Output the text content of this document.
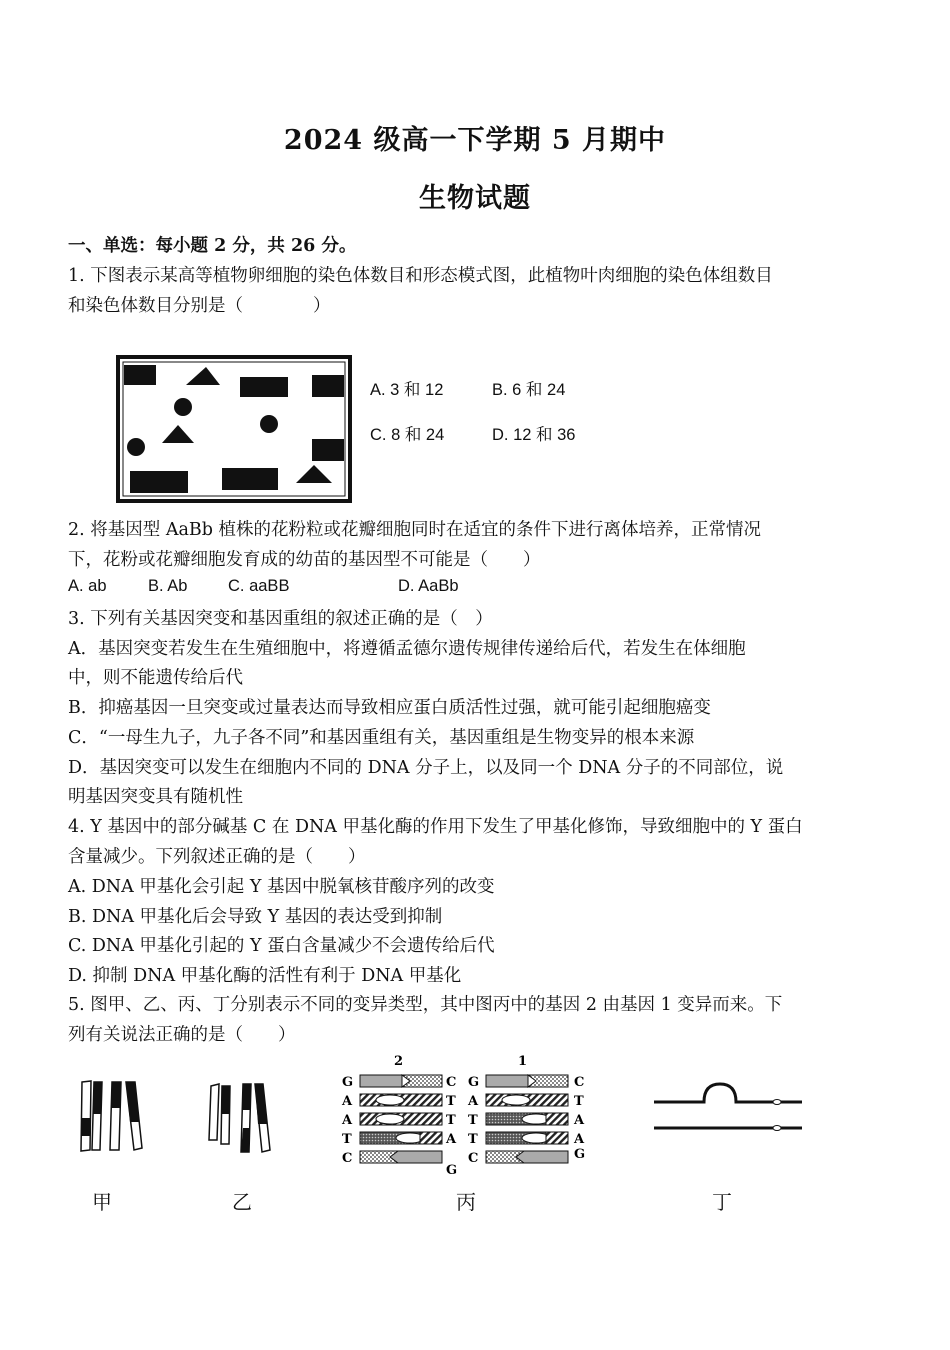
2024 级高一下学期 5 月期中
生物试题
一、单选：每小题 2 分，共 26 分。
1. 下图表示某高等植物卵细胞的染色体数目和形态模式图，此植物叶肉细胞的染色体组数目
和染色体数目分别是（　　　　）
A. 3 和 12	B. 6 和 24
C. 8 和 24	D. 12 和 36
2. 将基因型 AaBb 植株的花粉粒或花瓣细胞同时在适宜的条件下进行离体培养，正常情况
下，花粉或花瓣细胞发育成的幼苗的基因型不可能是（　　）
A. ab	B. Ab C. aaBB	D. AaBb
3. 下列有关基因突变和基因重组的叙述正确的是（　）
A．基因突变若发生在生殖细胞中，将遵循孟德尔遗传规律传递给后代，若发生在体细胞
中，则不能遗传给后代
B．抑癌基因一旦突变或过量表达而导致相应蛋白质活性过强，就可能引起细胞癌变
C．“一母生九子，九子各不同”和基因重组有关，基因重组是生物变异的根本来源
D．基因突变可以发生在细胞内不同的 DNA 分子上，以及同一个 DNA 分子的不同部位，说
明基因突变具有随机性
4. Y 基因中的部分碱基 C 在 DNA 甲基化酶的作用下发生了甲基化修饰，导致细胞中的 Y 蛋白
含量减少。下列叙述正确的是（　　）
A. DNA 甲基化会引起 Y 基因中脱氧核苷酸序列的改变
B. DNA 甲基化后会导致 Y 基因的表达受到抑制
C. DNA 甲基化引起的 Y 蛋白含量减少不会遗传给后代
D. 抑制 DNA 甲基化酶的活性有利于 DNA 甲基化
5. 图甲、乙、丙、丁分别表示不同的变异类型，其中图丙中的基因 2 由基因 1 变异而来。下
列有关说法正确的是（　　）
2	1
G
A
A
T
C
C
T
T
A
G
G
A
T
T
C
C
T
A
A
G
甲	乙	丙	丁
